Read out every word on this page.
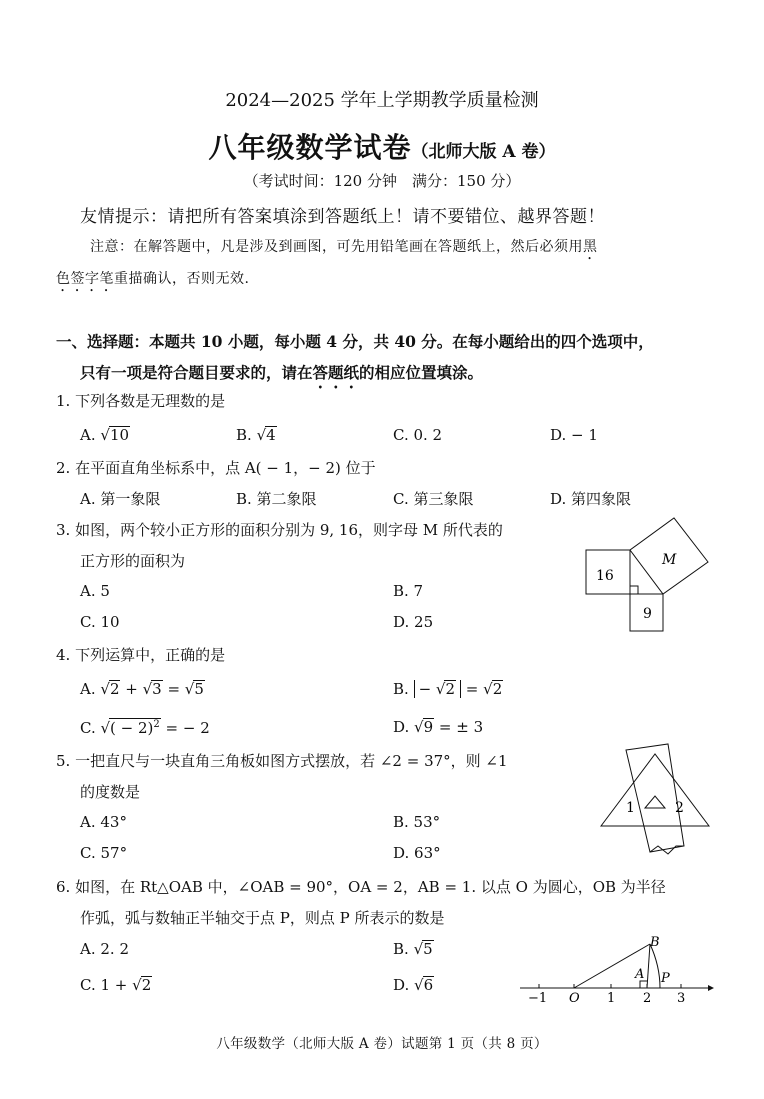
2024—2025 学年上学期教学质量检测
八年级数学试卷（北师大版 A 卷）
（考试时间：120 分钟　满分：150 分）
友情提示：请把所有答案填涂到答题纸上！请不要错位、越界答题！
注意：在解答题中，凡是涉及到画图，可先用铅笔画在答题纸上，然后必须用黑
色签字笔重描确认，否则无效.
一、选择题：本题共 10 小题，每小题 4 分，共 40 分。在每小题给出的四个选项中，
只有一项是符合题目要求的，请在答题纸的相应位置填涂。
1. 下列各数是无理数的是
A. √10	B. √4	C. 0. 2	D. − 1
2. 在平面直角坐标系中，点 A( − 1，− 2) 位于
A. 第一象限	B. 第二象限	C. 第三象限	D. 第四象限
3. 如图，两个较小正方形的面积分别为 9, 16，则字母 M 所代表的
正方形的面积为
A. 5	B. 7
C. 10	D. 25
16
9
M
4. 下列运算中，正确的是
A. √2 + √3 = √5	B. − √2 = √2
C. √( − 2)$^2$ = − 2	D. √9 = ± 3
5. 一把直尺与一块直角三角板如图方式摆放，若 ∠2 = 37°，则 ∠1
的度数是
A. 43°	B. 53°
C. 57°	D. 63°
1	2
6. 如图，在 Rt△OAB 中，∠OAB = 90°，OA = 2，AB = 1. 以点 O 为圆心，OB 为半径
作弧，弧与数轴正半轴交于点 P，则点 P 所表示的数是
A. 2. 2	B. √5
C. 1 + √2	D. √6
B
A P
O
−1	1 2 3
八年级数学（北师大版 A 卷）试题第 1 页（共 8 页）
